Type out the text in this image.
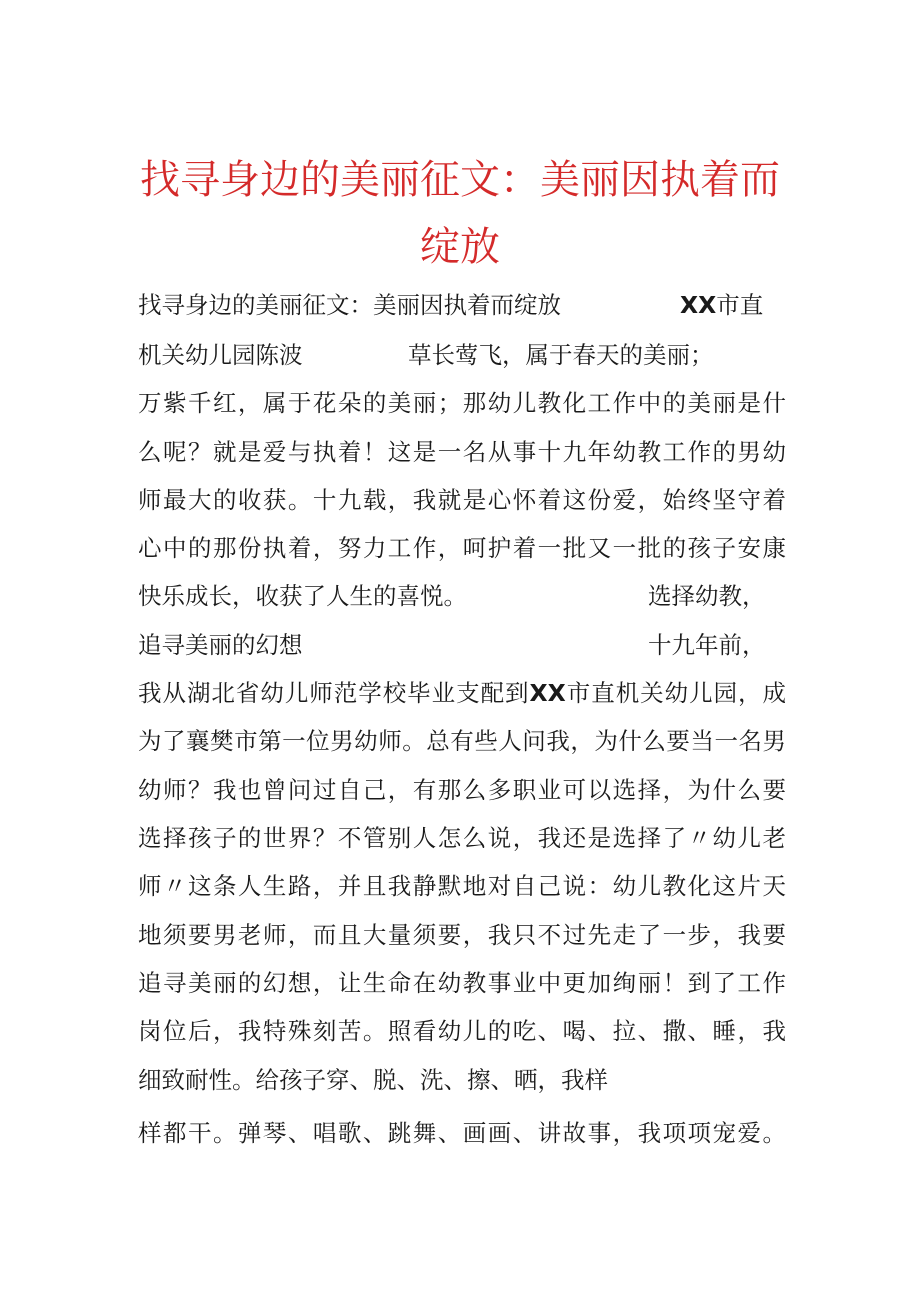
找寻身边的美丽征文：美丽因执着而
绽放
找寻身边的美丽征文：美丽因执着而绽放	XX市直
机关幼儿园陈波	草长莺飞，属于春天的美丽；
万紫千红，属于花朵的美丽；那幼儿教化工作中的美丽是什
么呢？就是爱与执着！这是一名从事十九年幼教工作的男幼
师最大的收获。十九载，我就是心怀着这份爱，始终坚守着
心中的那份执着，努力工作，呵护着一批又一批的孩子安康
快乐成长，收获了人生的喜悦。	选择幼教，
追寻美丽的幻想	十九年前，
我从湖北省幼儿师范学校毕业支配到XX市直机关幼儿园，成
为了襄樊市第一位男幼师。总有些人问我，为什么要当一名男
幼师？我也曾问过自己，有那么多职业可以选择，为什么要
选择孩子的世界？不管别人怎么说，我还是选择了〃幼儿老
师〃这条人生路，并且我静默地对自己说：幼儿教化这片天
地须要男老师，而且大量须要，我只不过先走了一步，我要
追寻美丽的幻想，让生命在幼教事业中更加绚丽！到了工作
岗位后，我特殊刻苦。照看幼儿的吃、喝、拉、撒、睡，我
细致耐性。给孩子穿、脱、洗、擦、晒，我样
样都干。弹琴、唱歌、跳舞、画画、讲故事，我项项宠爱。
